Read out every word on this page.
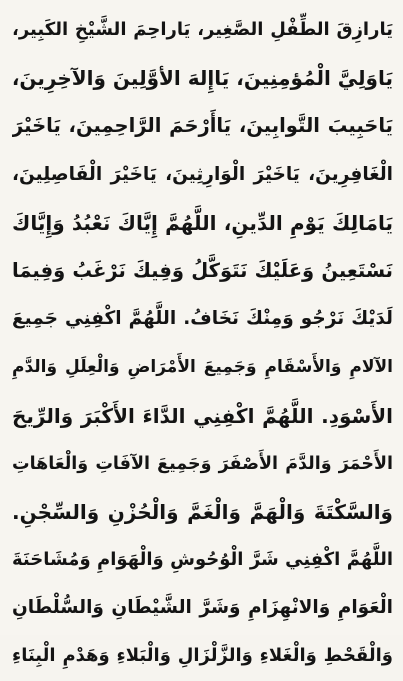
يَارازِقَ الطِّفْلِ الصَّغِير، يَاراحِمَ الشَّيْخِ الكَبِير،
يَاوَلِيَّ الْمُؤمِنِينَ، يَاإِلهَ الأوَّلِينَ وَالآخِرِينَ،
يَاحَبِيبَ التَّوابِينَ، يَاأَرْحَمَ الرَّاحِمِينَ، يَاخَيْرَ
الْغَافِرِينَ، يَاخَيْرَ الْوَارِثِينَ، يَاخَيْرَ الْفَاصِلِينَ،
يَامَالِكَ يَوْمِ الدِّينِ، اللَّهُمَّ إِيَّاكَ نَعْبُدُ وَإِيَّاكَ
نَسْتَعِينُ وَعَلَيْكَ نَتَوَكَّلُ وَفِيكَ نَرْغَبُ وَفِيمَا
لَدَيْكَ نَرْجُو وَمِنْكَ نَخَافُ. اللَّهُمَّ اكْفِنِي جَمِيعَ
الآلامِ وَالأَسْقَامِ وَجَمِيعَ الأَمْرَاضِ وَالْعِلَلِ وَالدَّمِ
الأَسْوَدِ. اللَّهُمَّ اكْفِنِي الدَّاءَ الأَكْبَرَ وَالرِّيحَ
الأَحْمَرَ وَالدَّمَ الأَصْفَرَ وَجَمِيعَ الآفَاتِ وَالْعَاهَاتِ
وَالسَّكْتَةَ وَالْهَمَّ وَالْغَمَّ وَالْحُزْنِ وَالسِّجْنِ.
اللَّهُمَّ اكْفِنِي شَرَّ الْوُحُوشِ وَالْهَوَامِ وَمُشَاحَنَةَ
الْعَوَامِ وَالانْهِزَامِ وَشَرَّ الشَّيْطَانِ وَالسُّلْطَانِ
وَالْقَحْطِ وَالْغَلاءِ وَالزَّلْزَالِ وَالْبَلاءِ وَهَدْمِ الْبِنَاءِ
